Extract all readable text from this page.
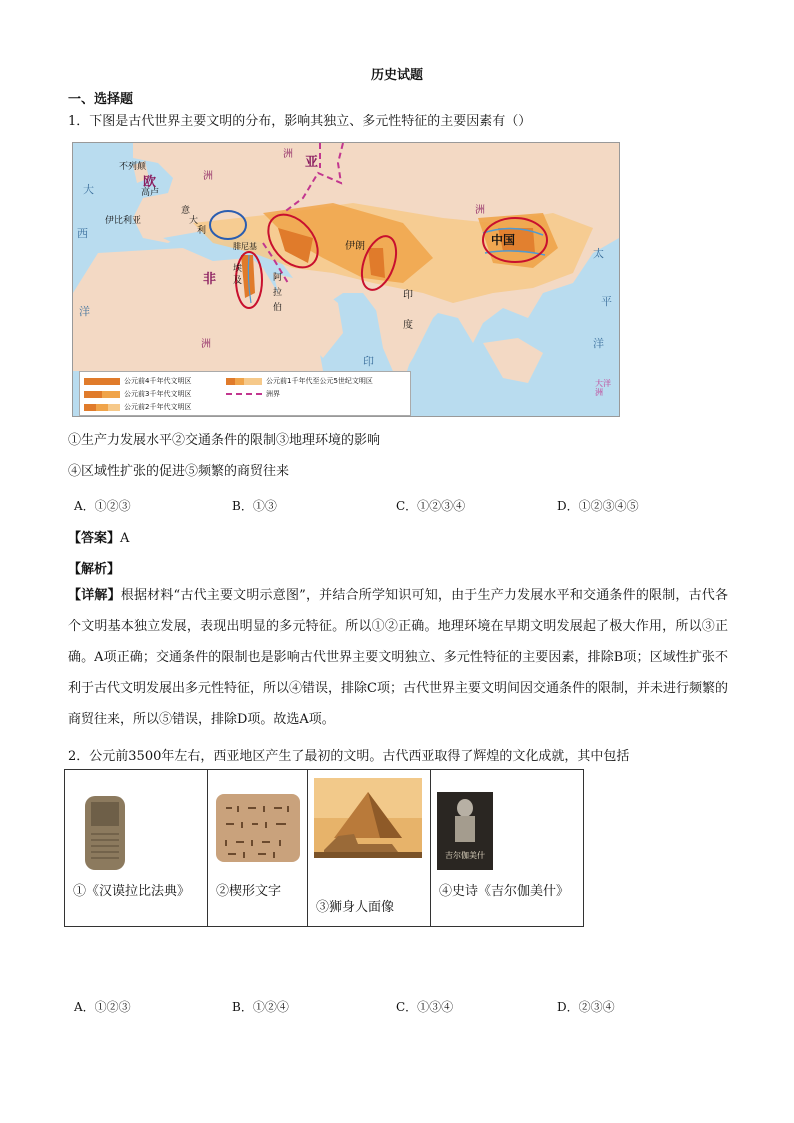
历史试题
一、选择题
1．下图是古代世界主要文明的分布，影响其独立、多元性特征的主要因素有（）
不列颠
欧	洲
高卢
伊比利亚
意
大
利
腓尼基
亚
洲
伊朗
阿拉伯
埃及
非
洲
印度
印
中国
洲
大
西
洋
太
平
洋
大洋洲
公元前4千年代文明区
公元前3千年代文明区
公元前2千年代文明区
公元前1千年代至公元5世纪文明区
洲界
①生产力发展水平②交通条件的限制③地理环境的影响
④区域性扩张的促进⑤频繁的商贸往来
A．①②③	B．①③	C．①②③④	D．①②③④⑤
【答案】A
【解析】
【详解】根据材料“古代主要文明示意图”，并结合所学知识可知，由于生产力发展水平和交通条件的限制，古代各个文明基本独立发展，表现出明显的多元特征。所以①②正确。地理环境在早期文明发展起了极大作用，所以③正确。A项正确；交通条件的限制也是影响古代世界主要文明独立、多元性特征的主要因素，排除B项；区域性扩张不利于古代文明发展出多元性特征，所以④错误，排除C项；古代世界主要文明间因交通条件的限制，并未进行频繁的商贸往来，所以⑤错误，排除D项。故选A项。
2．公元前3500年左右，西亚地区产生了最初的文明。古代西亚取得了辉煌的文化成就，其中包括
①《汉谟拉比法典》	②楔形文字

③狮身人面像

吉尔伽美什
④史诗《吉尔伽美什》
A．①②③	B．①②④	C．①③④	D．②③④
